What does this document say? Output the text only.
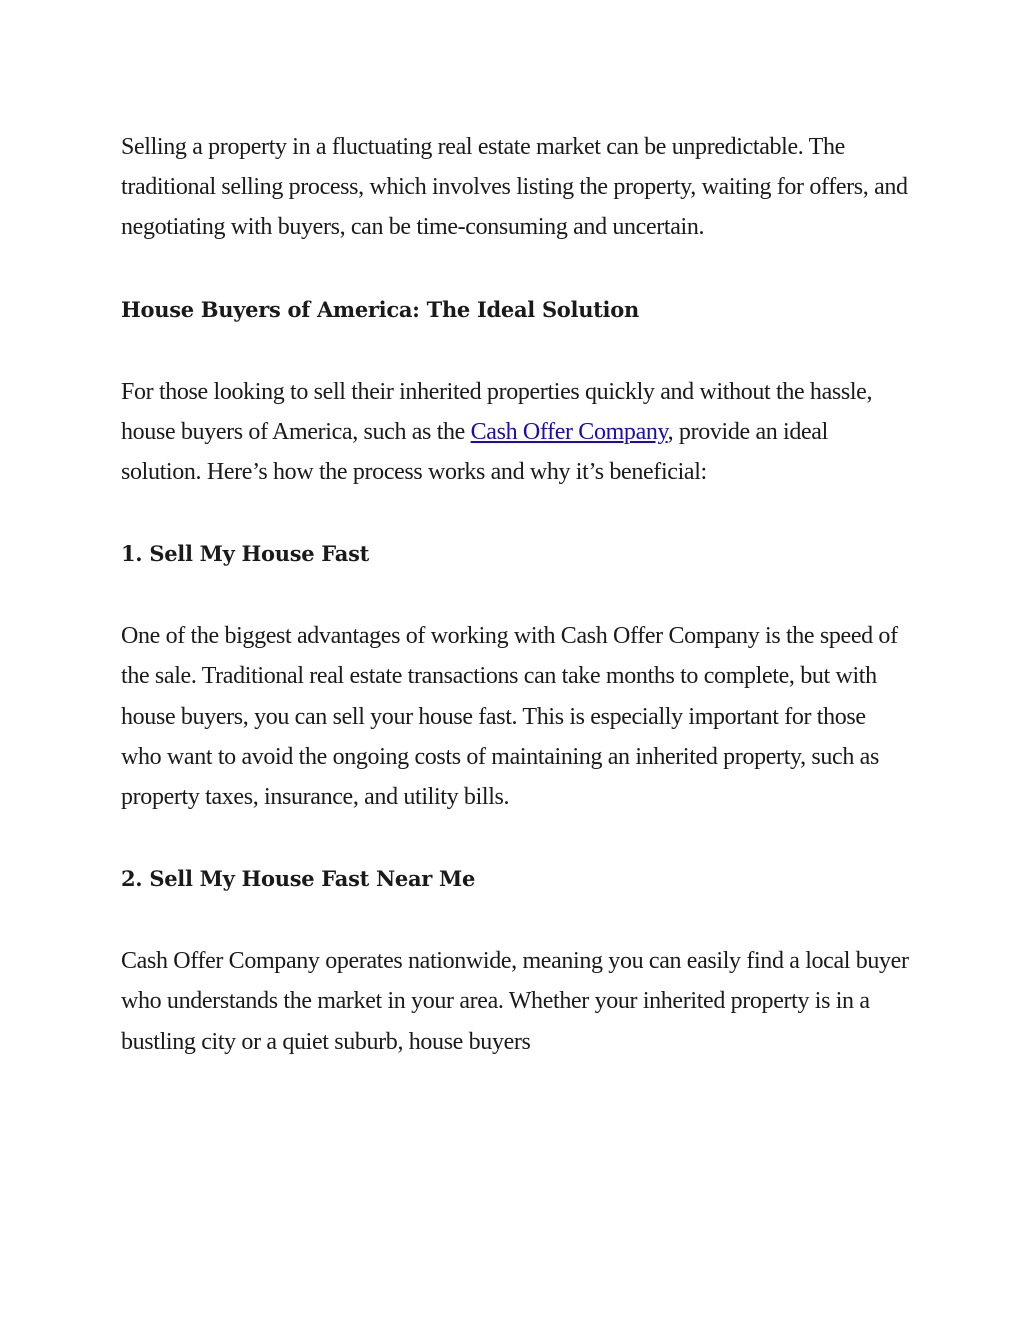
Selling a property in a fluctuating real estate market can be unpredictable. The traditional selling process, which involves listing the property, waiting for offers, and negotiating with buyers, can be time-consuming and uncertain.

House Buyers of America: The Ideal Solution

For those looking to sell their inherited properties quickly and without the hassle, house buyers of America, such as the Cash Offer Company, provide an ideal solution. Here’s how the process works and why it’s beneficial:

1. Sell My House Fast

One of the biggest advantages of working with Cash Offer Company is the speed of the sale. Traditional real estate transactions can take months to complete, but with house buyers, you can sell your house fast. This is especially important for those who want to avoid the ongoing costs of maintaining an inherited property, such as property taxes, insurance, and utility bills.

2. Sell My House Fast Near Me

Cash Offer Company operates nationwide, meaning you can easily find a local buyer who understands the market in your area. Whether your inherited property is in a bustling city or a quiet suburb, house buyers
